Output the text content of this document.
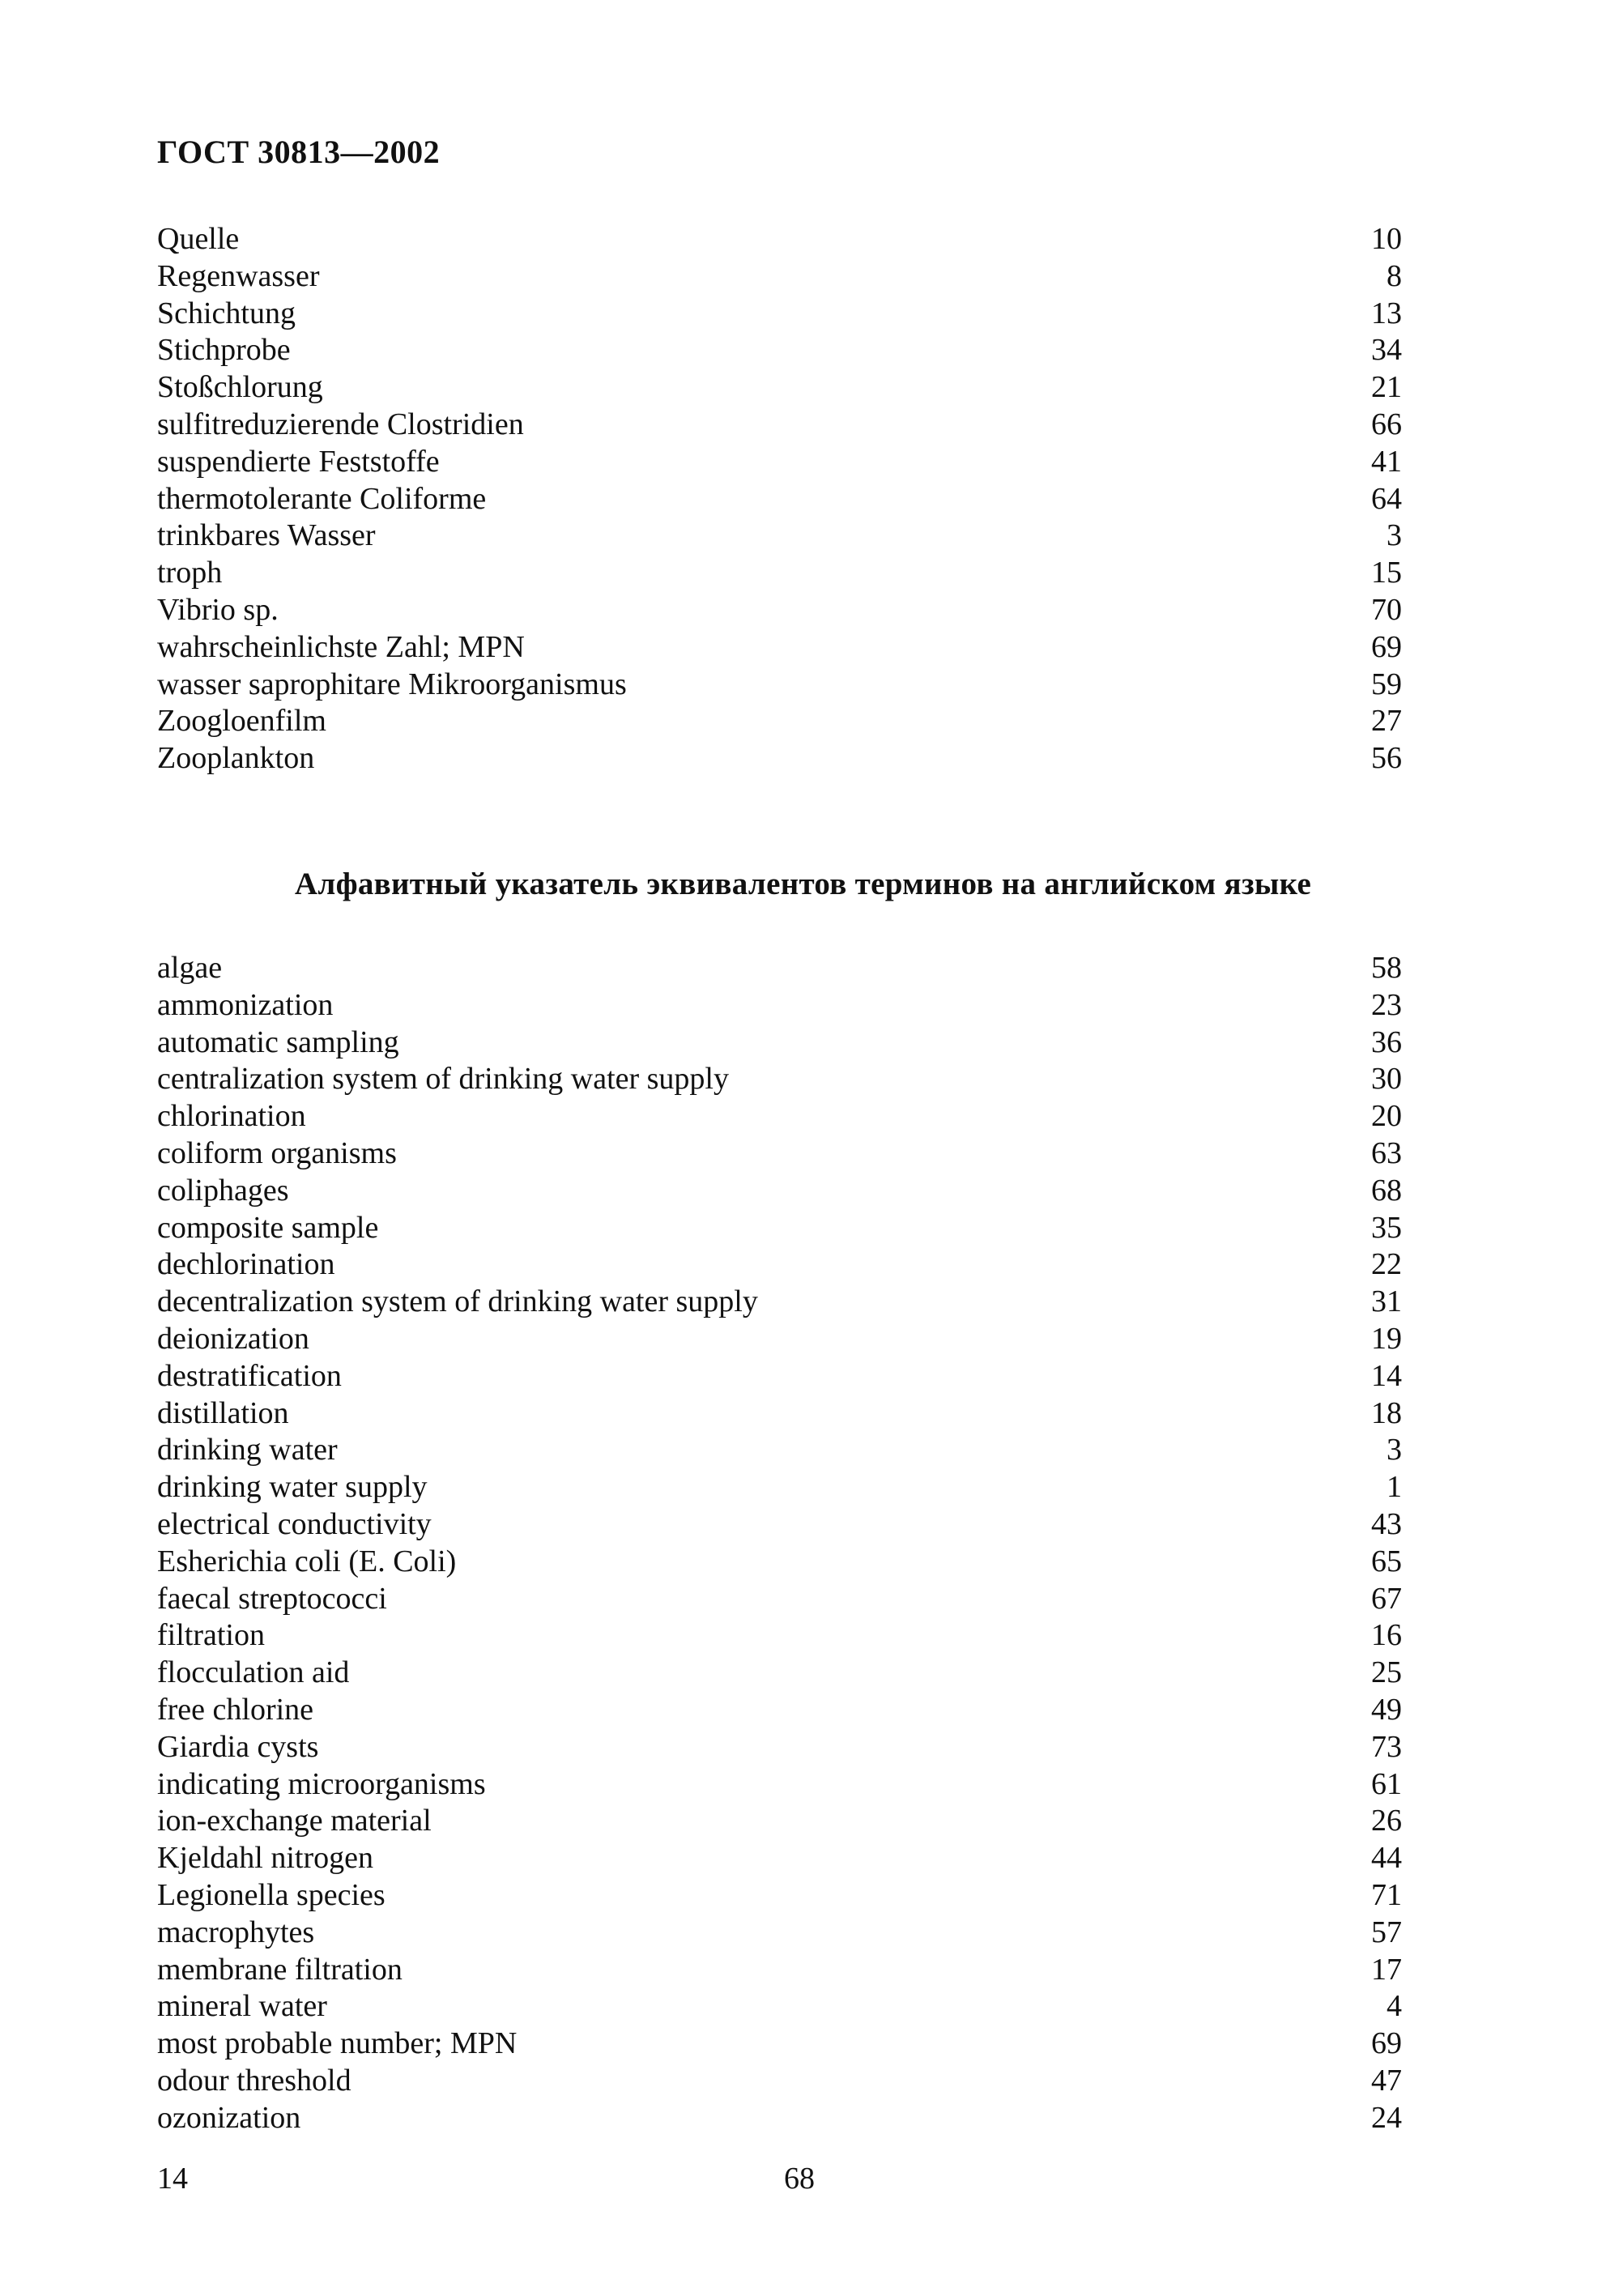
ГОСТ 30813—2002
Quelle	10
Regenwasser	8
Schichtung	13
Stichprobe	34
Stoßchlorung	21
sulfitreduzierende Clostridien	66
suspendierte Feststoffe	41
thermotolerante Coliforme	64
trinkbares Wasser	3
troph	15
Vibrio sp.	70
wahrscheinlichste Zahl; MPN	69
wasser saprophitare Mikroorganismus	59
Zoogloenfilm	27
Zooplankton	56
Алфавитный указатель эквивалентов терминов на английском языке
algae	58
ammonization	23
automatic sampling	36
centralization system of drinking water supply	30
chlorination	20
coliform organisms	63
coliphages	68
composite sample	35
dechlorination	22
decentralization system of drinking water supply	31
deionization	19
destratification	14
distillation	18
drinking water	3
drinking water supply	1
electrical conductivity	43
Esherichia coli (E. Coli)	65
faecal streptococci	67
filtration	16
flocculation aid	25
free chlorine	49
Giardia cysts	73
indicating microorganisms	61
ion-exchange material	26
Kjeldahl nitrogen	44
Legionella species	71
macrophytes	57
membrane filtration	17
mineral water	4
most probable number; MPN	69
odour threshold	47
ozonization	24
14	68
